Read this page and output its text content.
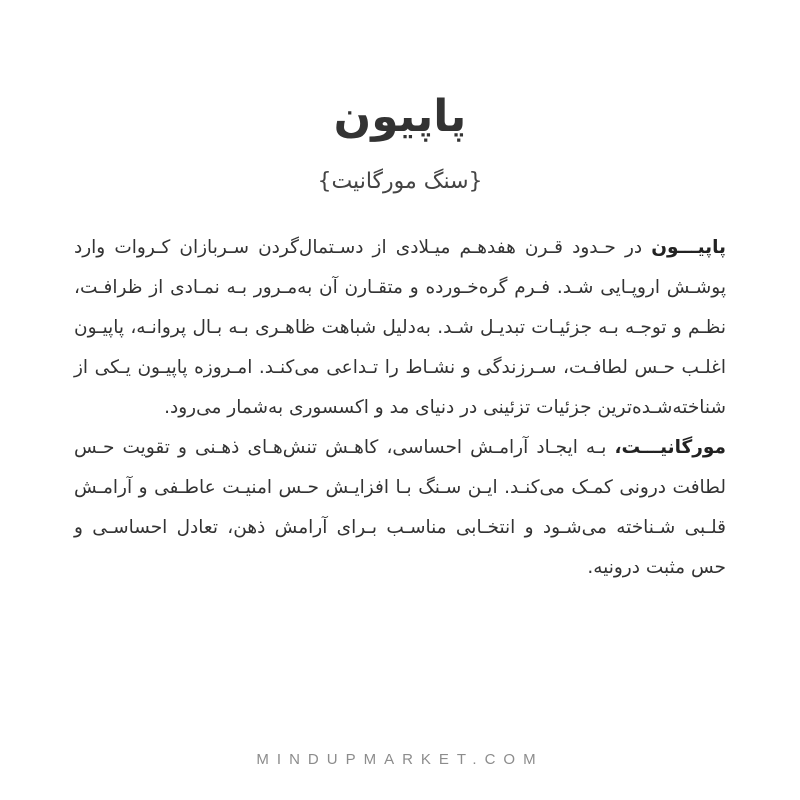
پاپیون
{سنگ مورگانیت}

پاپیـــون در حـدود قـرن هفدهـم میـلادی از دسـتمال‌گردن سـربازان کـروات وارد پوشـش اروپـایی شـد. فـرم گره‌خـورده و متقـارن آن به‌مـرور بـه نمـادی از ظرافـت، نظـم و توجـه بـه جزئیـات تبدیـل شـد. به‌دلیل شباهت ظاهـری بـه بـال پروانـه، پاپیـون اغلـب حـس لطافـت، سـرزندگی و نشـاط را تـداعی می‌کنـد. امـروزه پاپیـون یـکی از شناخته‌شـده‌ترین جزئیات تزئینی در دنیای مد و اکسسوری به‌شمار می‌رود.

مورگانیـــت، بـه ایجـاد آرامـش احساسی، کاهـش تنش‌هـای ذهـنی و تقویت حـس لطافت درونی کمـک می‌کنـد. ایـن سـنگ بـا افزایـش حـس امنیـت عاطـفی و آرامـش قلـبی شـناخته می‌شـود و انتخـابی مناسـب بـرای آرامش ذهن، تعادل احساسـی و حس مثبت درونیه.

MINDUPMARKET.COM
